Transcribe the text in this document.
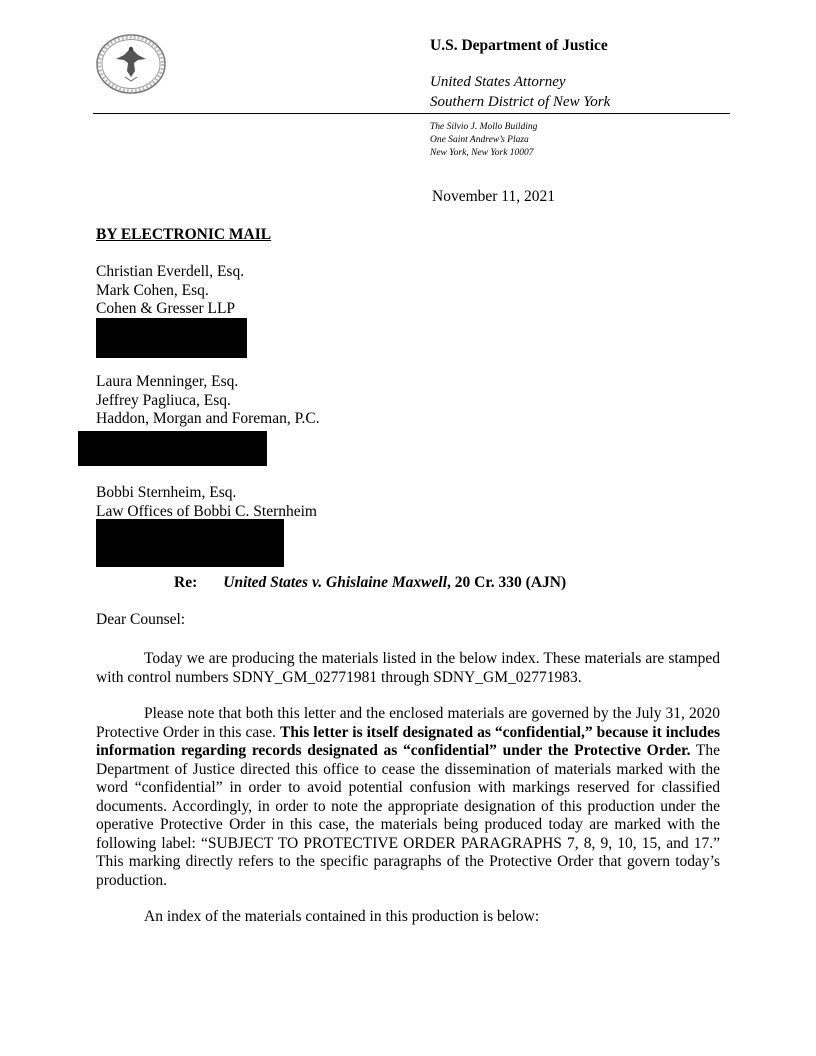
U.S. Department of Justice
United States Attorney
Southern District of New York
The Silvio J. Mollo Building
One Saint Andrew’s Plaza
New York, New York 10007
November 11, 2021
BY ELECTRONIC MAIL
Christian Everdell, Esq.
Mark Cohen, Esq.
Cohen & Gresser LLP
Laura Menninger, Esq.
Jeffrey Pagliuca, Esq.
Haddon, Morgan and Foreman, P.C.
Bobbi Sternheim, Esq.
Law Offices of Bobbi C. Sternheim
Re: United States v. Ghislaine Maxwell, 20 Cr. 330 (AJN)
Dear Counsel:
Today we are producing the materials listed in the below index. These materials are stamped with control numbers SDNY_GM_02771981 through SDNY_GM_02771983.
Please note that both this letter and the enclosed materials are governed by the July 31, 2020 Protective Order in this case. This letter is itself designated as “confidential,” because it includes information regarding records designated as “confidential” under the Protective Order. The Department of Justice directed this office to cease the dissemination of materials marked with the word “confidential” in order to avoid potential confusion with markings reserved for classified documents. Accordingly, in order to note the appropriate designation of this production under the operative Protective Order in this case, the materials being produced today are marked with the following label: “SUBJECT TO PROTECTIVE ORDER PARAGRAPHS 7, 8, 9, 10, 15, and 17.” This marking directly refers to the specific paragraphs of the Protective Order that govern today’s production.
An index of the materials contained in this production is below:
